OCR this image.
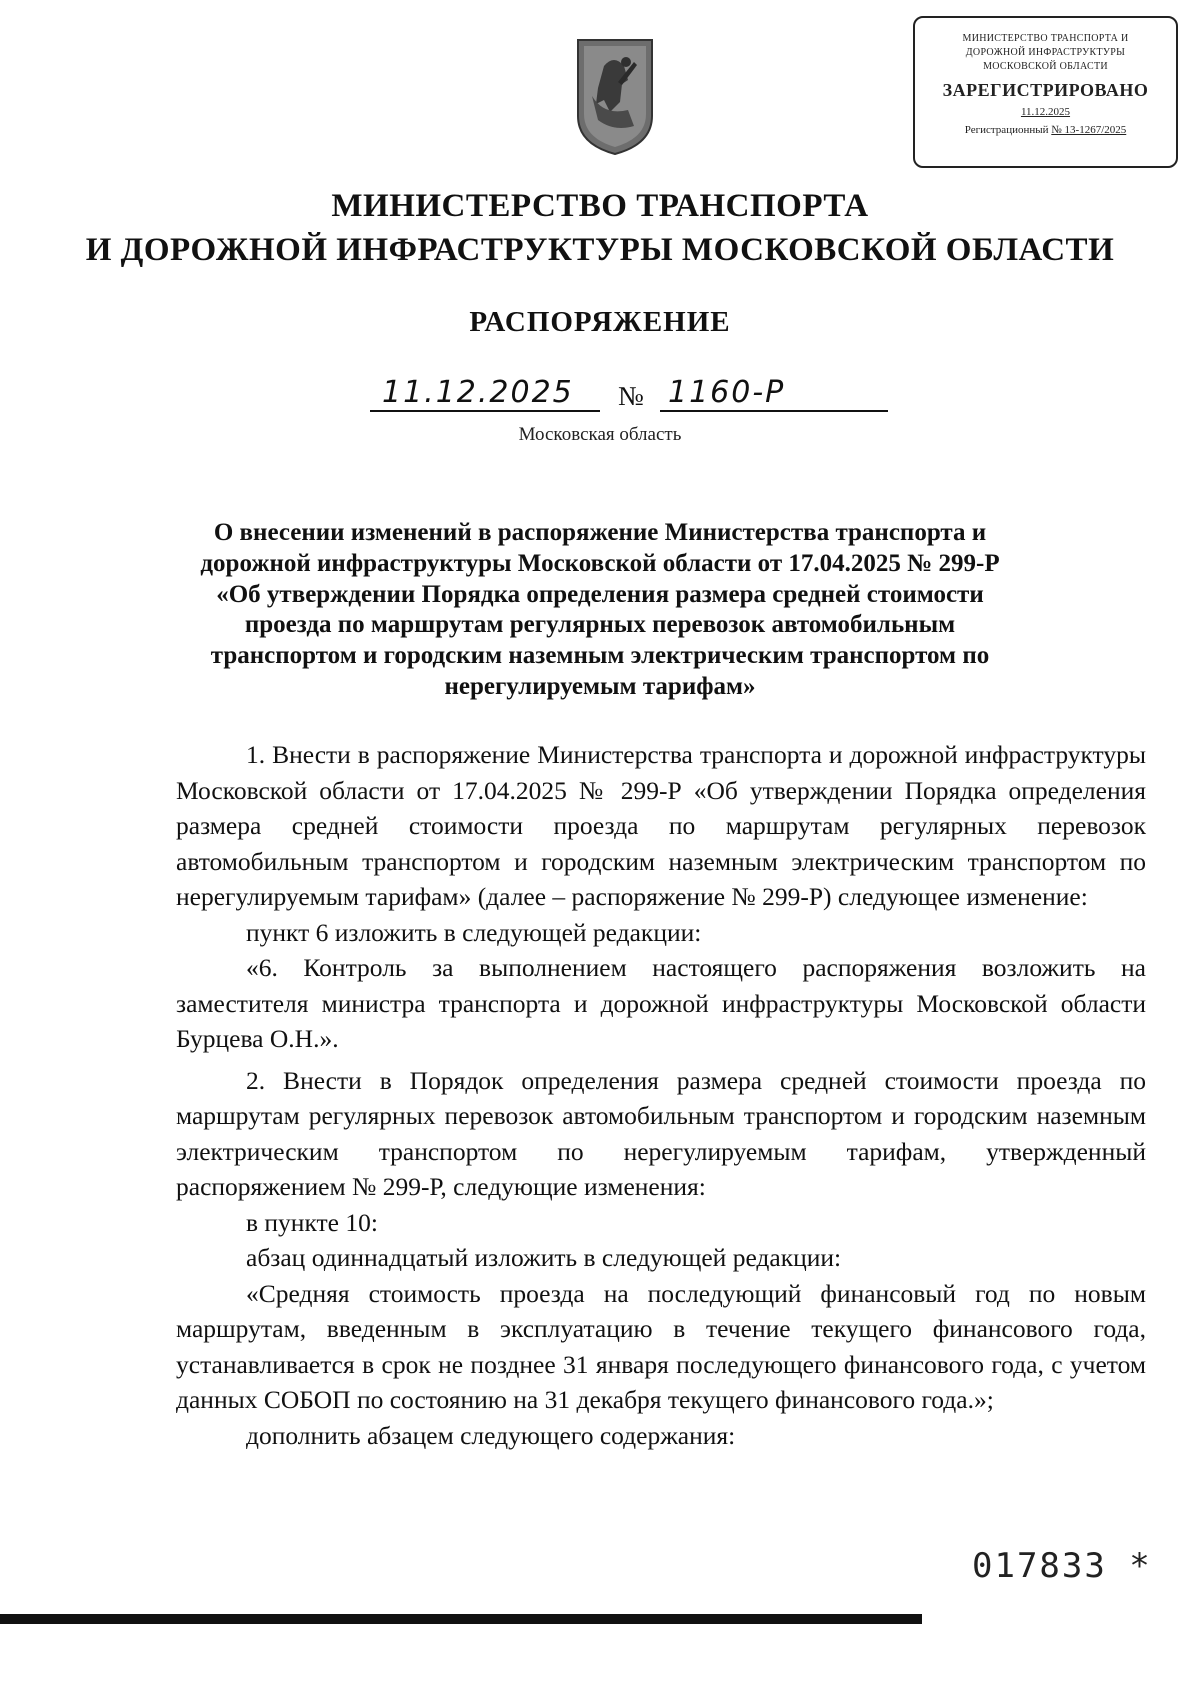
МИНИСТЕРСТВО ТРАНСПОРТА И
ДОРОЖНОЙ ИНФРАСТРУКТУРЫ
МОСКОВСКОЙ ОБЛАСТИ
ЗАРЕГИСТРИРОВАНО
11.12.2025
Регистрационный № 13-1267/2025
МИНИСТЕРСТВО ТРАНСПОРТА
И ДОРОЖНОЙ ИНФРАСТРУКТУРЫ МОСКОВСКОЙ ОБЛАСТИ
РАСПОРЯЖЕНИЕ
11.12.2025 № 1160-Р
Московская область
О внесении изменений в распоряжение Министерства транспорта и
дорожной инфраструктуры Московской области от 17.04.2025 № 299-Р
«Об утверждении Порядка определения размера средней стоимости
проезда по маршрутам регулярных перевозок автомобильным
транспортом и городским наземным электрическим транспортом по
нерегулируемым тарифам»

1. Внести в распоряжение Министерства транспорта и дорожной инфраструктуры Московской области от 17.04.2025 № 299-Р «Об утверждении Порядка определения размера средней стоимости проезда по маршрутам регулярных перевозок автомобильным транспортом и городским наземным электрическим транспортом по нерегулируемым тарифам» (далее – распоряжение № 299-Р) следующее изменение:

пункт 6 изложить в следующей редакции:

«6. Контроль за выполнением настоящего распоряжения возложить на заместителя министра транспорта и дорожной инфраструктуры Московской области Бурцева О.Н.».

2. Внести в Порядок определения размера средней стоимости проезда по маршрутам регулярных перевозок автомобильным транспортом и городским наземным электрическим транспортом по нерегулируемым тарифам, утвержденный распоряжением № 299-Р, следующие изменения:

в пункте 10:

абзац одиннадцатый изложить в следующей редакции:

«Средняя стоимость проезда на последующий финансовый год по новым маршрутам, введенным в эксплуатацию в течение текущего финансового года, устанавливается в срок не позднее 31 января последующего финансового года, с учетом данных СОБОП по состоянию на 31 декабря текущего финансового года.»;

дополнить абзацем следующего содержания:

017833 *
